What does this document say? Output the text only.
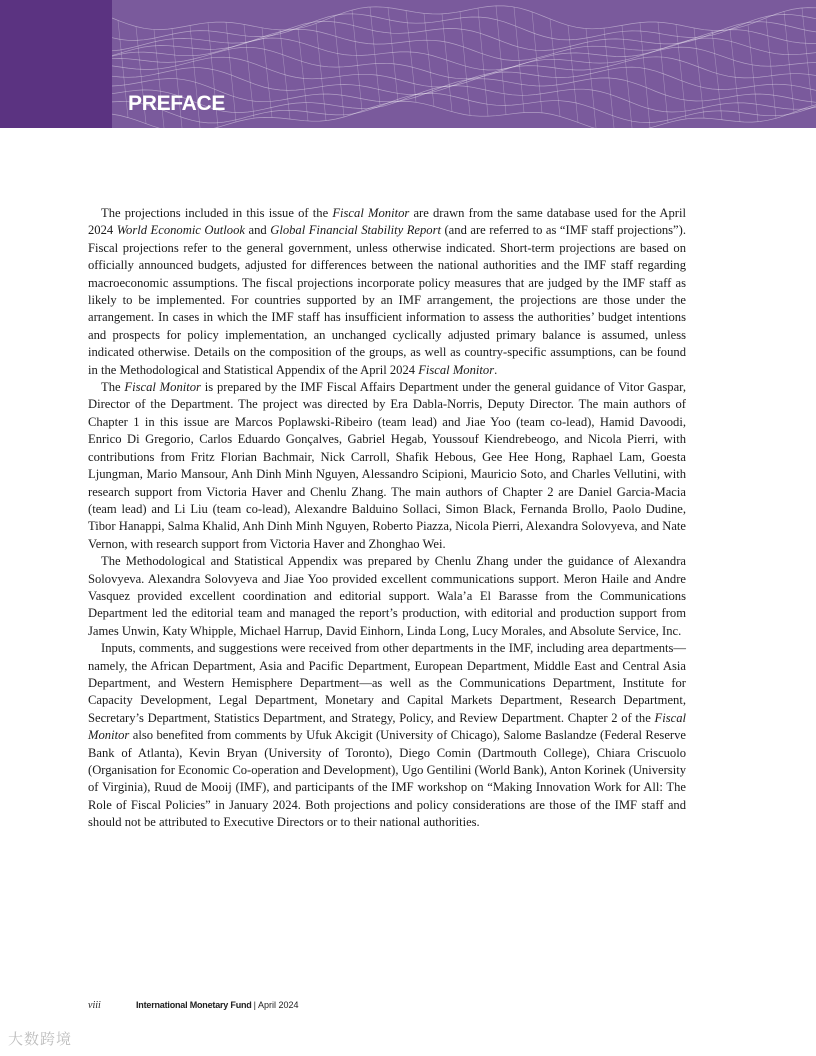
PREFACE

The projections included in this issue of the Fiscal Monitor are drawn from the same database used for the April 2024 World Economic Outlook and Global Financial Stability Report (and are referred to as “IMF staff projections”). Fiscal projections refer to the general government, unless otherwise indicated. Short-term projections are based on officially announced budgets, adjusted for differences between the national authorities and the IMF staff regarding macroeconomic assumptions. The fiscal projections incorporate policy measures that are judged by the IMF staff as likely to be implemented. For countries supported by an IMF arrangement, the projections are those under the arrangement. In cases in which the IMF staff has insufficient information to assess the authorities’ budget intentions and prospects for policy implementation, an unchanged cyclically adjusted primary balance is assumed, unless indicated otherwise. Details on the composition of the groups, as well as country-specific assumptions, can be found in the Methodological and Statistical Appendix of the April 2024 Fiscal Monitor.

The Fiscal Monitor is prepared by the IMF Fiscal Affairs Department under the general guidance of Vitor Gaspar, Director of the Department. The project was directed by Era Dabla-Norris, Deputy Director. The main authors of Chapter 1 in this issue are Marcos Poplawski-Ribeiro (team lead) and Jiae Yoo (team co-lead), Hamid Davoodi, Enrico Di Gregorio, Carlos Eduardo Gonçalves, Gabriel Hegab, Youssouf Kiendrebeogo, and Nicola Pierri, with contributions from Fritz Florian Bachmair, Nick Carroll, Shafik Hebous, Gee Hee Hong, Raphael Lam, Goesta Ljungman, Mario Mansour, Anh Dinh Minh Nguyen, Alessandro Scipioni, Mauricio Soto, and Charles Vellutini, with research support from Victoria Haver and Chenlu Zhang. The main authors of Chapter 2 are Daniel Garcia-Macia (team lead) and Li Liu (team co-lead), Alexandre Balduino Sollaci, Simon Black, Fernanda Brollo, Paolo Dudine, Tibor Hanappi, Salma Khalid, Anh Dinh Minh Nguyen, Roberto Piazza, Nicola Pierri, Alexandra Solovyeva, and Nate Vernon, with research support from Victoria Haver and Zhonghao Wei.

The Methodological and Statistical Appendix was prepared by Chenlu Zhang under the guidance of Alexandra Solovyeva. Alexandra Solovyeva and Jiae Yoo provided excellent communications support. Meron Haile and Andre Vasquez provided excellent coordination and editorial support. Wala’a El Barasse from the Communications Department led the editorial team and managed the report’s production, with editorial and production support from James Unwin, Katy Whipple, Michael Harrup, David Einhorn, Linda Long, Lucy Morales, and Absolute Service, Inc.

Inputs, comments, and suggestions were received from other departments in the IMF, including area departments—namely, the African Department, Asia and Pacific Department, European Department, Middle East and Central Asia Department, and Western Hemisphere Department—as well as the Communications Department, Institute for Capacity Development, Legal Department, Monetary and Capital Markets Department, Research Department, Secretary’s Department, Statistics Department, and Strategy, Policy, and Review Department. Chapter 2 of the Fiscal Monitor also benefited from comments by Ufuk Akcigit (University of Chicago), Salome Baslandze (Federal Reserve Bank of Atlanta), Kevin Bryan (University of Toronto), Diego Comin (Dartmouth College), Chiara Criscuolo (Organisation for Economic Co-operation and Development), Ugo Gentilini (World Bank), Anton Korinek (University of Virginia), Ruud de Mooij (IMF), and participants of the IMF workshop on “Making Innovation Work for All: The Role of Fiscal Policies” in January 2024. Both projections and policy considerations are those of the IMF staff and should not be attributed to Executive Directors or to their national authorities.

viii	International Monetary Fund | April 2024
大数跨境
